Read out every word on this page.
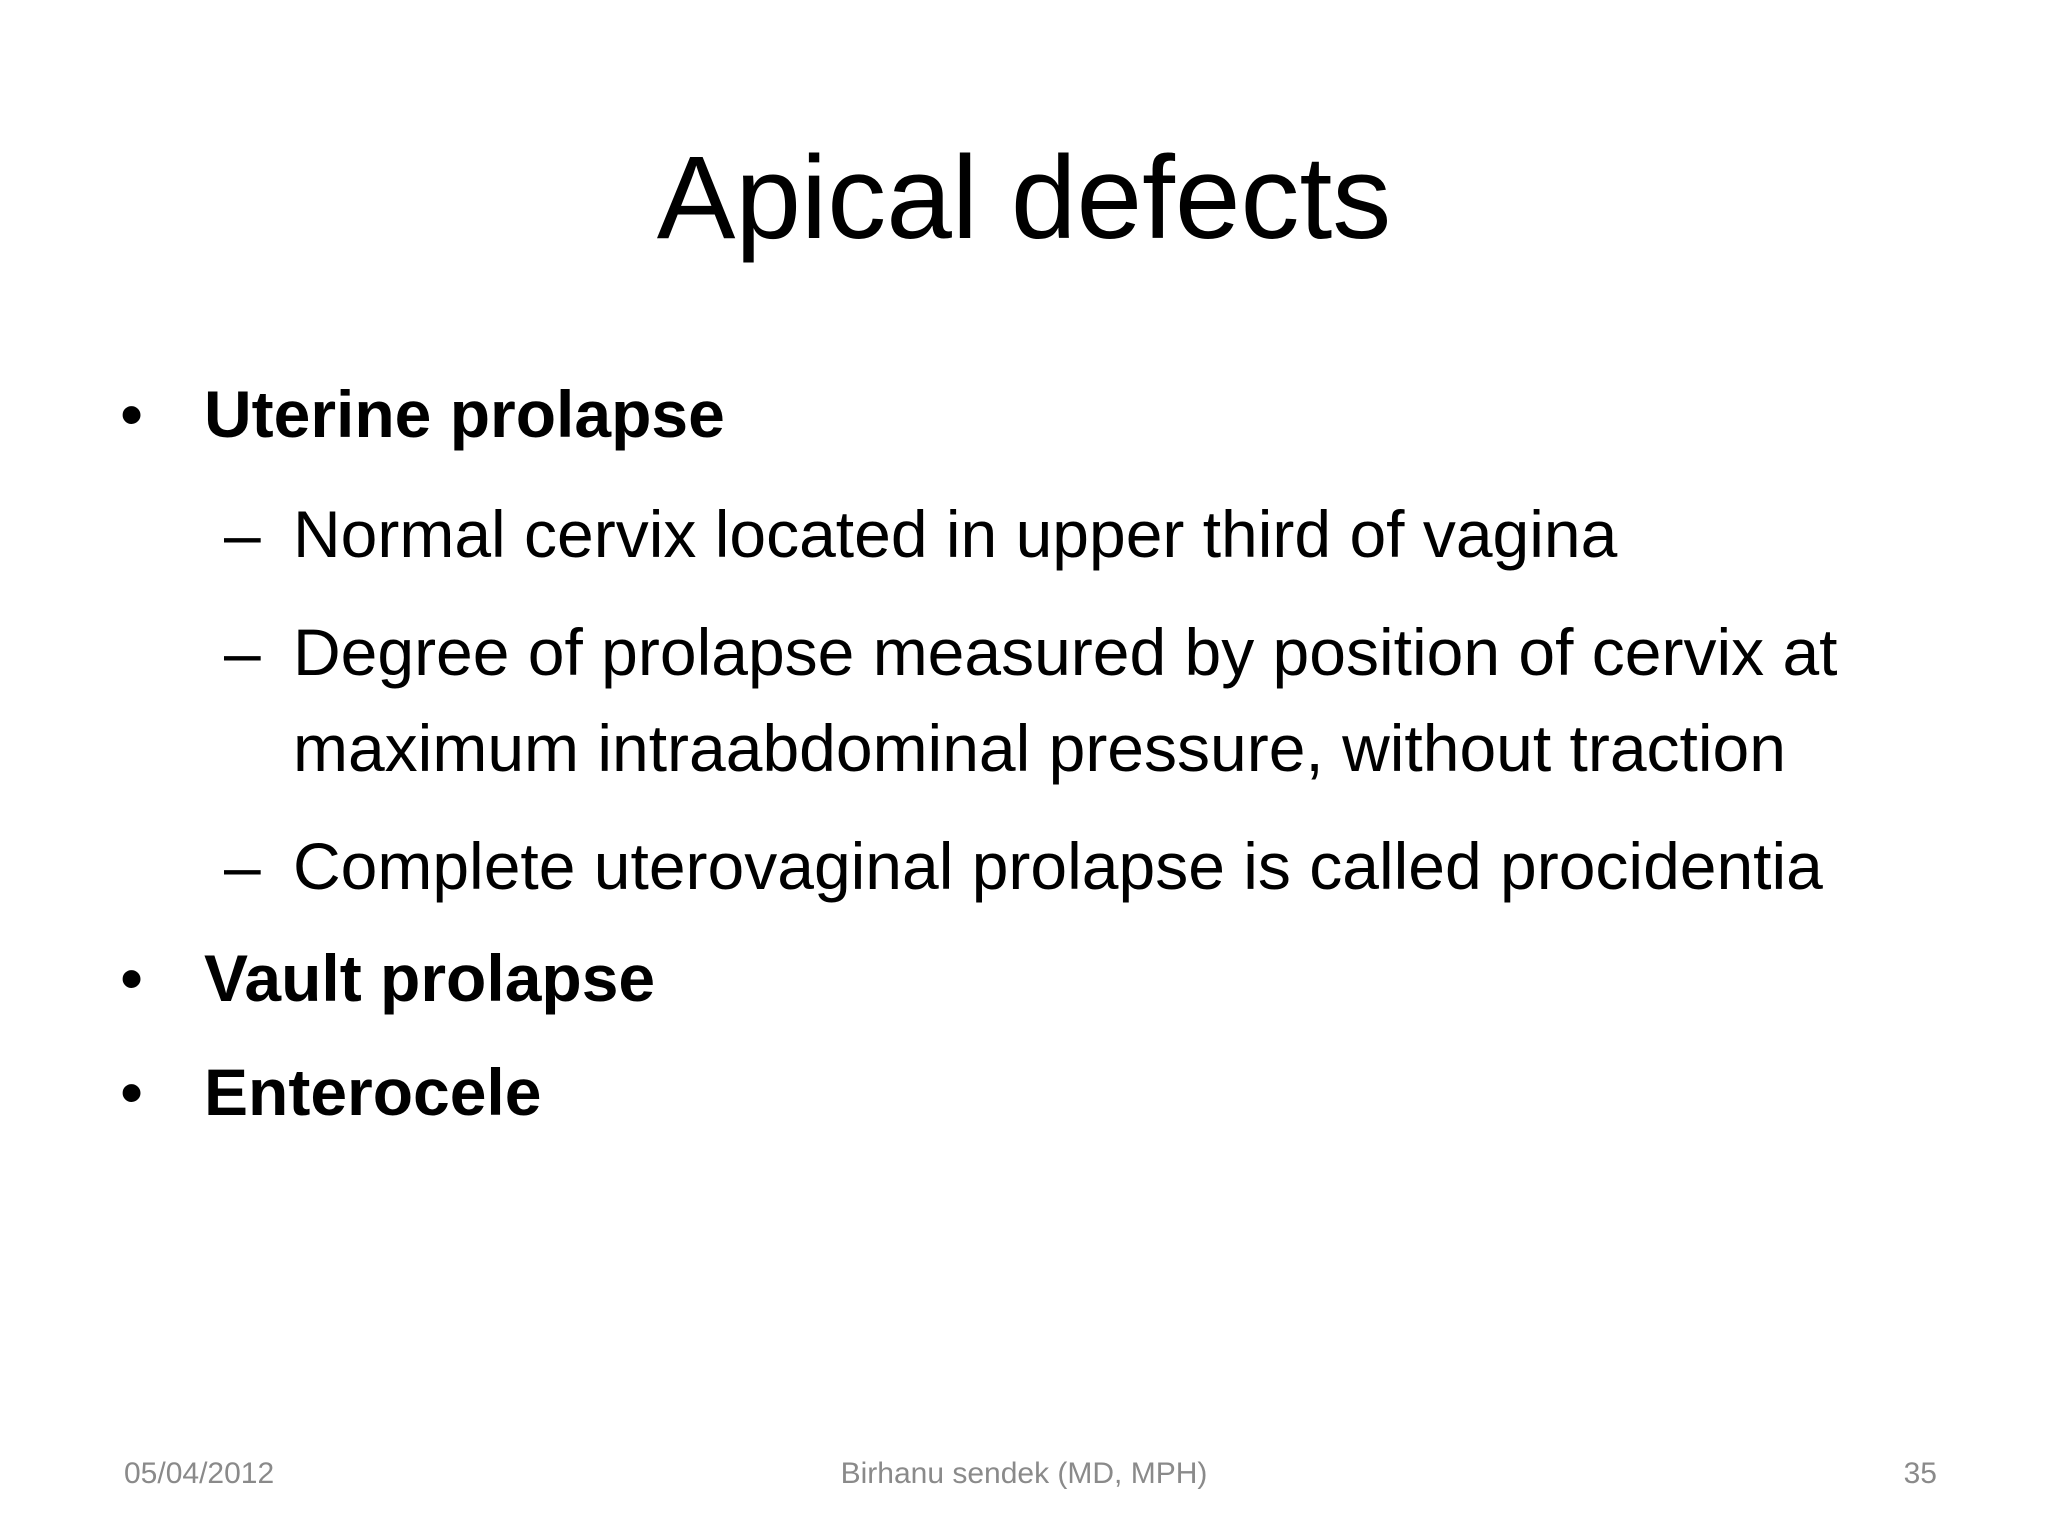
Apical defects
• Uterine prolapse
– Normal cervix located in upper third of vagina
– Degree of prolapse measured by position of cervix at maximum intraabdominal pressure, without traction
– Complete uterovaginal prolapse is called procidentia
• Vault prolapse
• Enterocele
05/04/2012	Birhanu sendek (MD, MPH)	35
